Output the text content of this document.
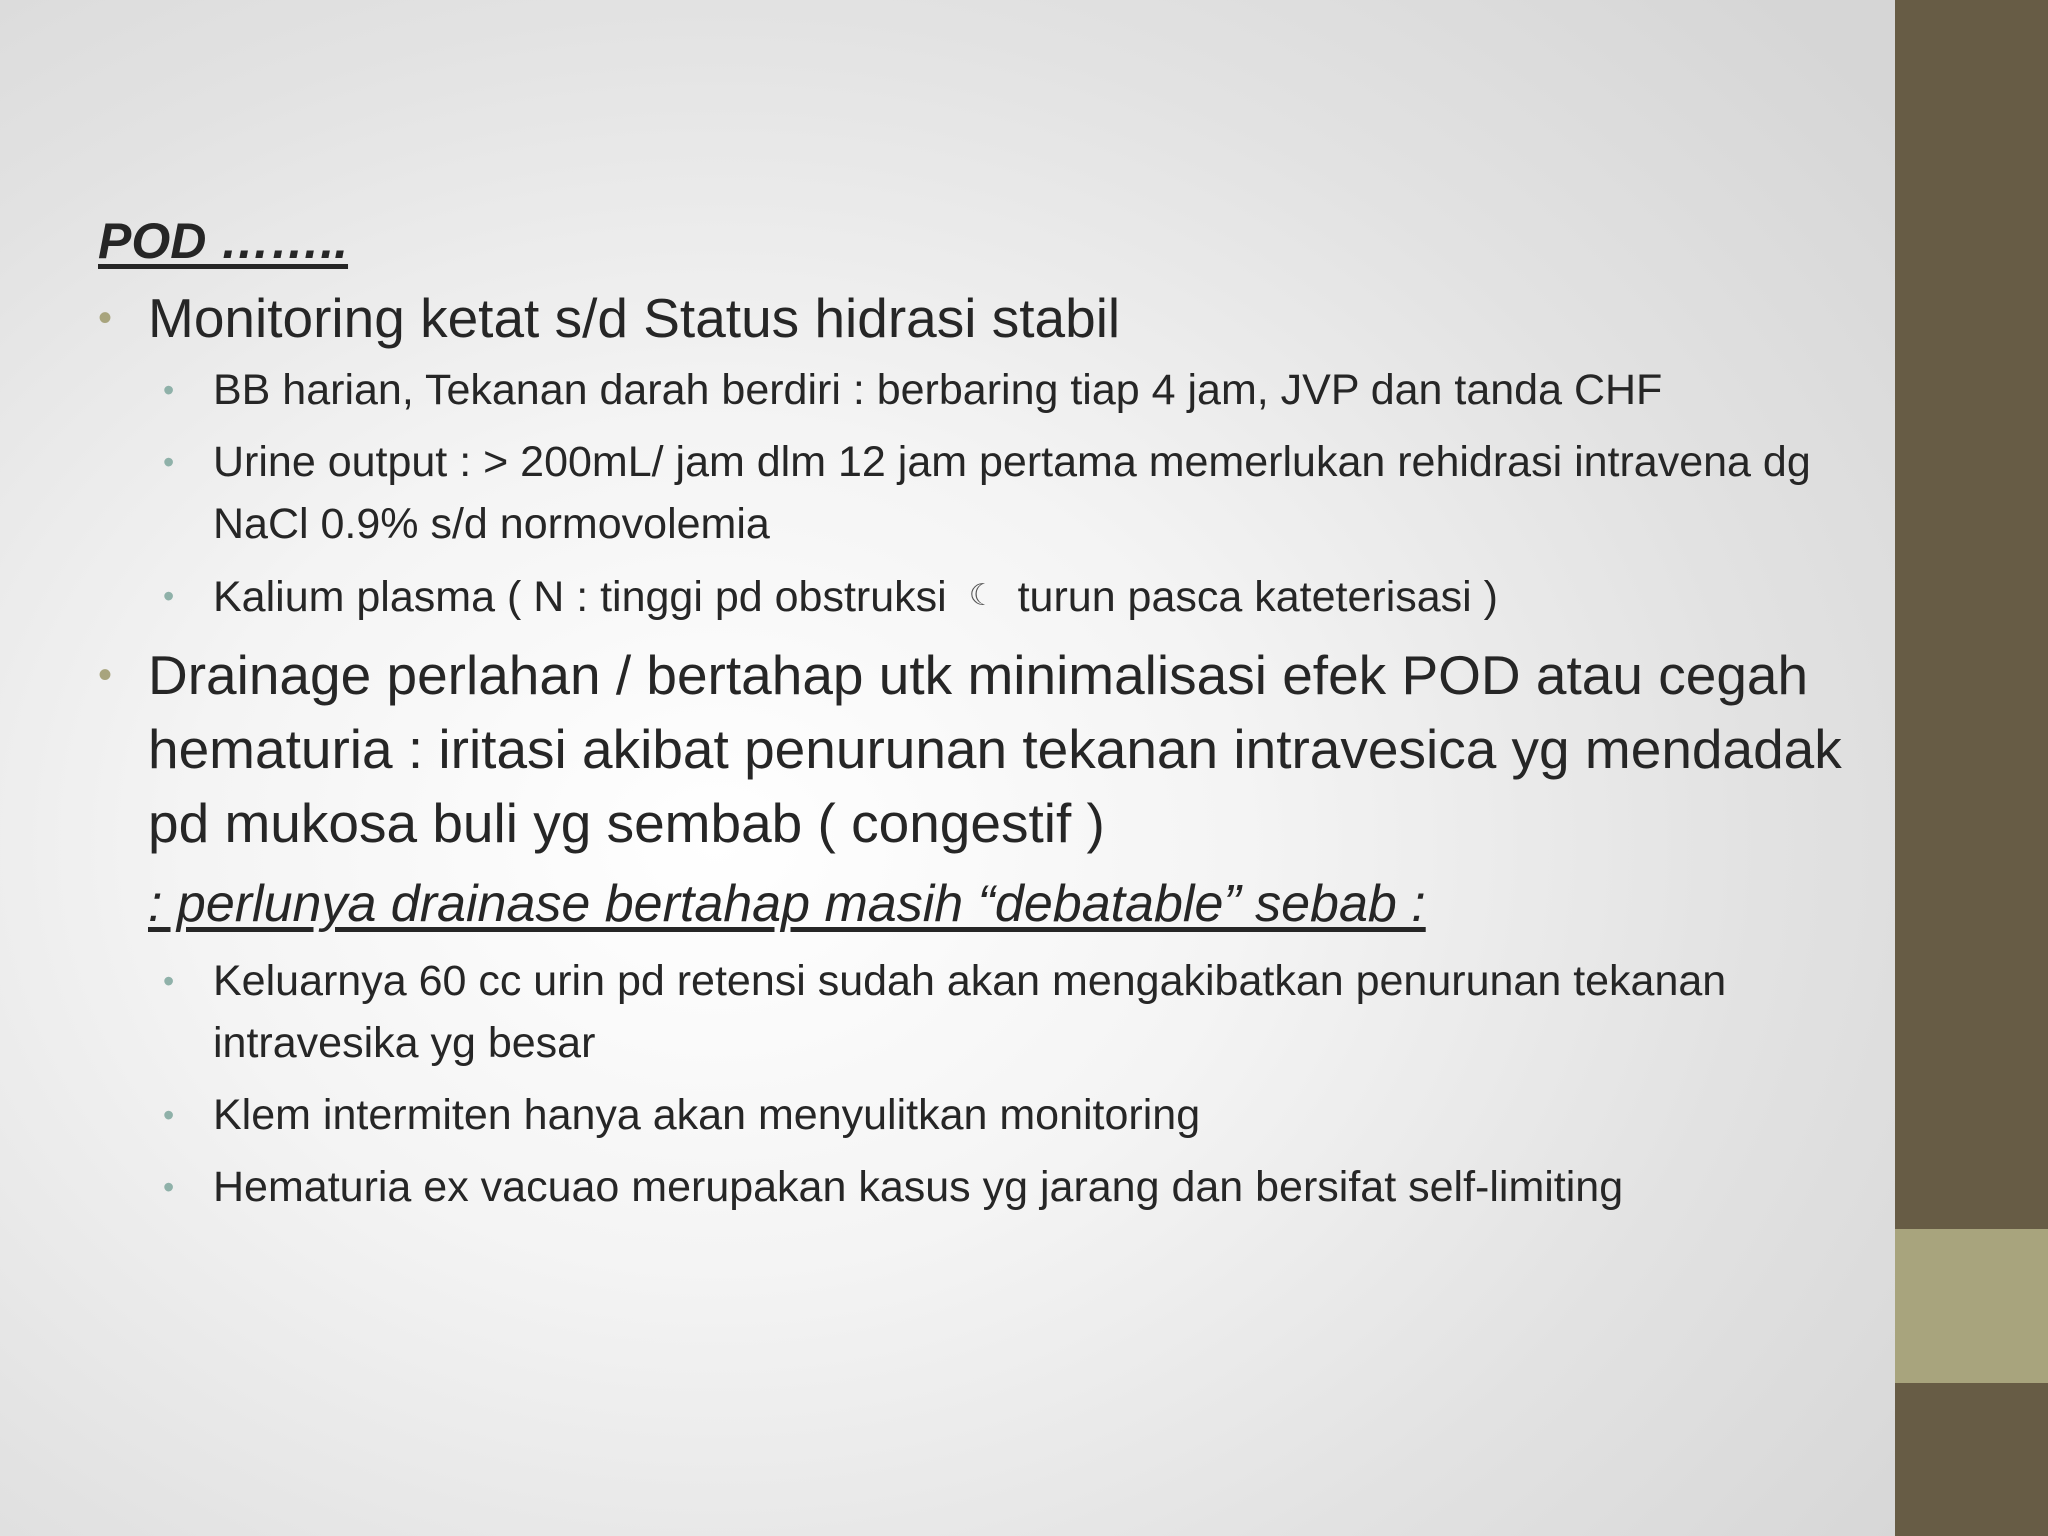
POD ……..
• Monitoring ketat s/d Status hidrasi stabil
• BB harian, Tekanan darah berdiri : berbaring tiap 4 jam, JVP dan tanda CHF
• Urine output : > 200mL/ jam dlm 12 jam pertama memerlukan rehidrasi intravena dg NaCl 0.9% s/d normovolemia
• Kalium plasma ( N : tinggi pd obstruksi ☾ turun pasca kateterisasi )
• Drainage perlahan / bertahap utk minimalisasi efek POD atau cegah hematuria : iritasi akibat penurunan tekanan intravesica yg mendadak pd mukosa buli yg sembab ( congestif )
: perlunya drainase bertahap masih “debatable” sebab :
• Keluarnya 60 cc urin pd retensi sudah akan mengakibatkan penurunan tekanan intravesika yg besar
• Klem intermiten hanya akan menyulitkan monitoring
• Hematuria ex vacuao merupakan kasus yg jarang dan bersifat self-limiting
